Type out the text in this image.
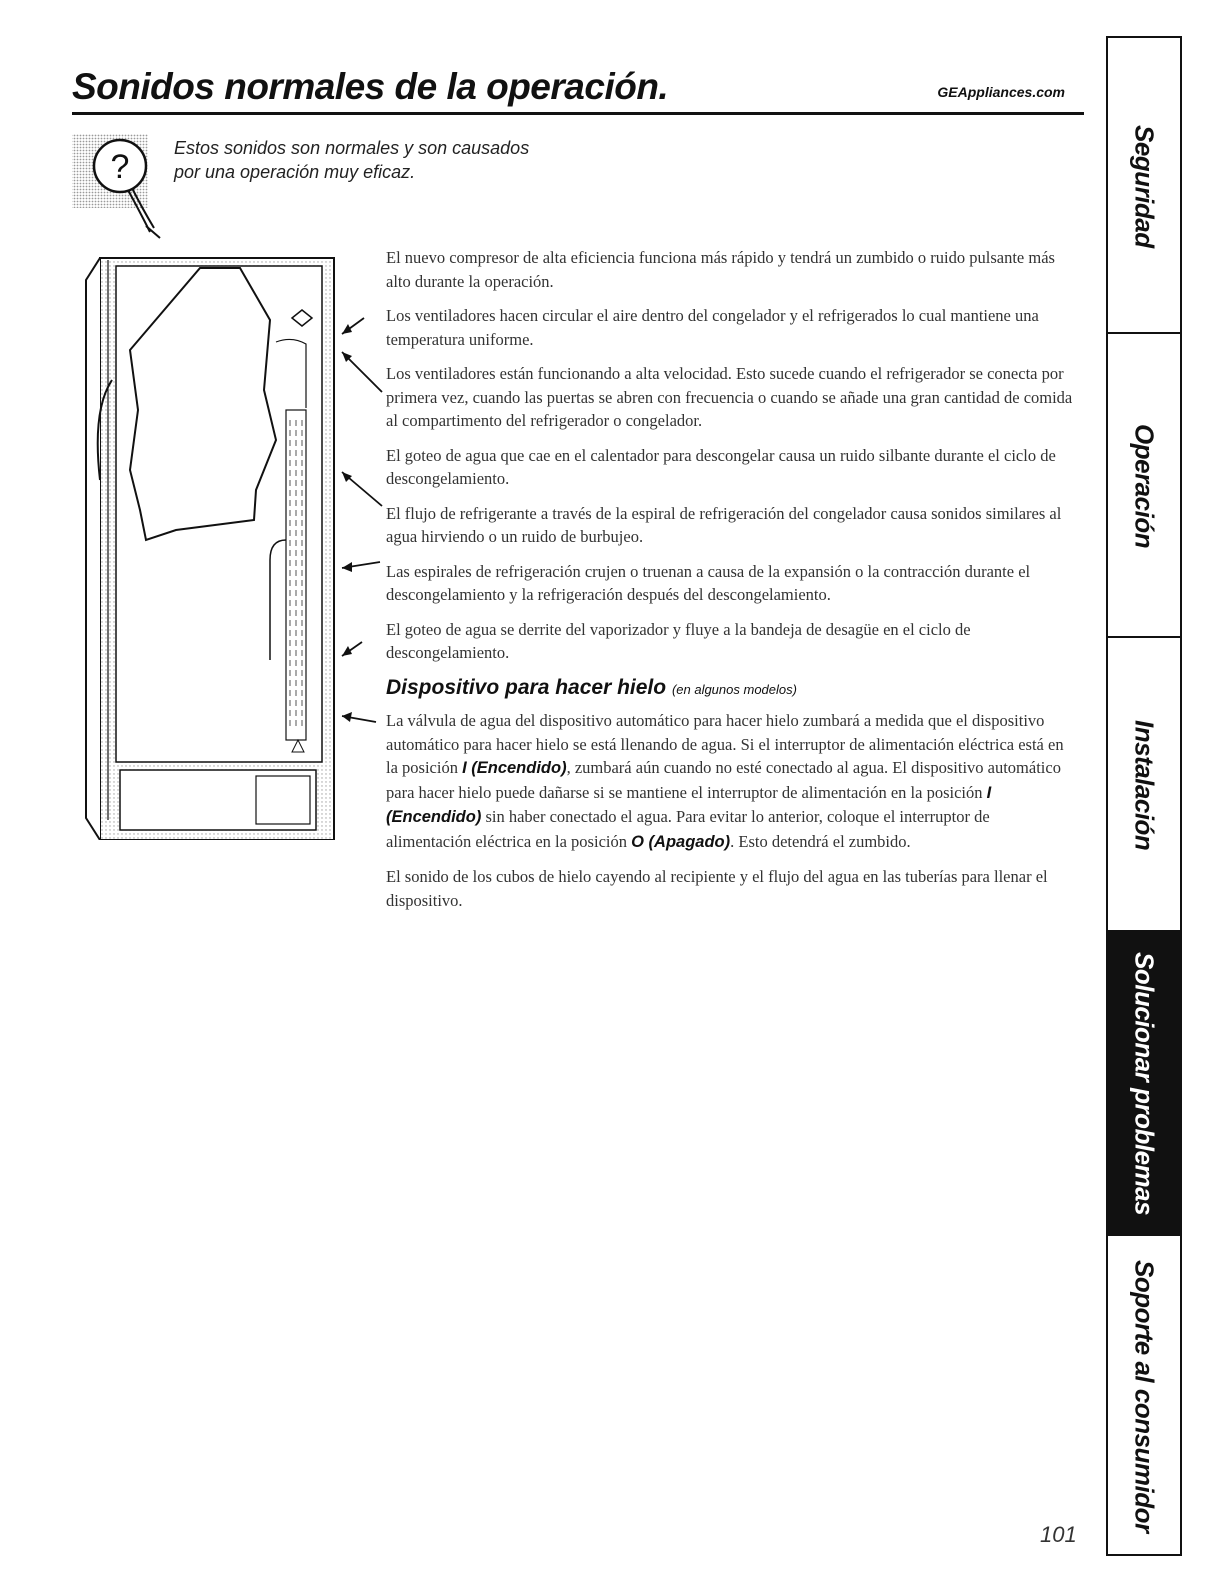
Sonidos normales de la operación.	GEAppliances.com
? Estos sonidos son normales y son causados
por una operación muy eficaz.

El nuevo compresor de alta eficiencia funciona más rápido y tendrá un zumbido o ruido pulsante más alto durante la operación.

Los ventiladores hacen circular el aire dentro del congelador y el refrigerados lo cual mantiene una temperatura uniforme.

Los ventiladores están funcionando a alta velocidad. Esto sucede cuando el refrigerador se conecta por primera vez, cuando las puertas se abren con frecuencia o cuando se añade una gran cantidad de comida al compartimento del refrigerador o congelador.

El goteo de agua que cae en el calentador para descongelar causa un ruido silbante durante el ciclo de descongelamiento.

El flujo de refrigerante a través de la espiral de refrigeración del congelador causa sonidos similares al agua hirviendo o un ruido de burbujeo.

Las espirales de refrigeración crujen o truenan a causa de la expansión o la contracción durante el descongelamiento y la refrigeración después del descongelamiento.

El goteo de agua se derrite del vaporizador y fluye a la bandeja de desagüe en el ciclo de descongelamiento.

Dispositivo para hacer hielo (en algunos modelos)

La válvula de agua del dispositivo automático para hacer hielo zumbará a medida que el dispositivo automático para hacer hielo se está llenando de agua. Si el interruptor de alimentación eléctrica está en la posición I (Encendido), zumbará aún cuando no esté conectado al agua. El dispositivo automático para hacer hielo puede dañarse si se mantiene el interruptor de alimentación en la posición I (Encendido) sin haber conectado el agua. Para evitar lo anterior, coloque el interruptor de alimentación eléctrica en la posición O (Apagado). Esto detendrá el zumbido.

El sonido de los cubos de hielo cayendo al recipiente y el flujo del agua en las tuberías para llenar el dispositivo.

101
Seguridad
Operación
Instalación
Solucionar problemas
Soporte al consumidor
